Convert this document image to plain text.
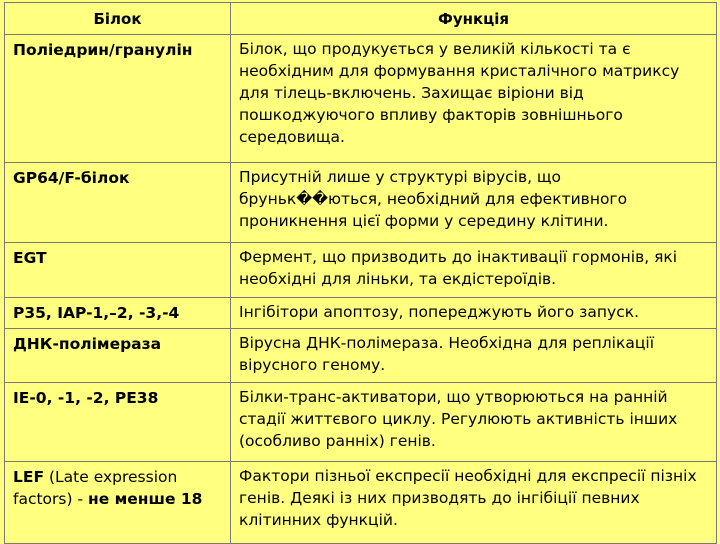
Білок	Функція
Поліедрин/гранулін	Білок, що продукується у великій кількості та є необхідним для формування кристалічного матриксу для тілець-включень. Захищає віріони від пошкоджуючого впливу факторів зовнішнього середовища.
GP64/F-білок	Присутній лише у структурі вірусів, що бруньк��ються, необхідний для ефективного проникнення цієї форми у середину клітини.
EGT	Фермент, що призводить до інактивації гормонів, які необхідні для ліньки, та екдістероїдів.
P35, IAP-1,–2, -3,-4	Інгібітори апоптозу, попереджують його запуск.
ДНК-полімераза	Вірусна ДНК-полімераза. Необхідна для реплікації вірусного геному.
IE-0, -1, -2, PE38	Білки-транс-активатори, що утворюються на ранній стадії життєвого циклу. Регулюють активність інших (особливо ранніх) генів.
LEF (Late expression factors) - не менше 18	Фактори пізньої експресії необхідні для експресії пізніх генів. Деякі із них призводять до інгібіції певних клітинних функцій.
